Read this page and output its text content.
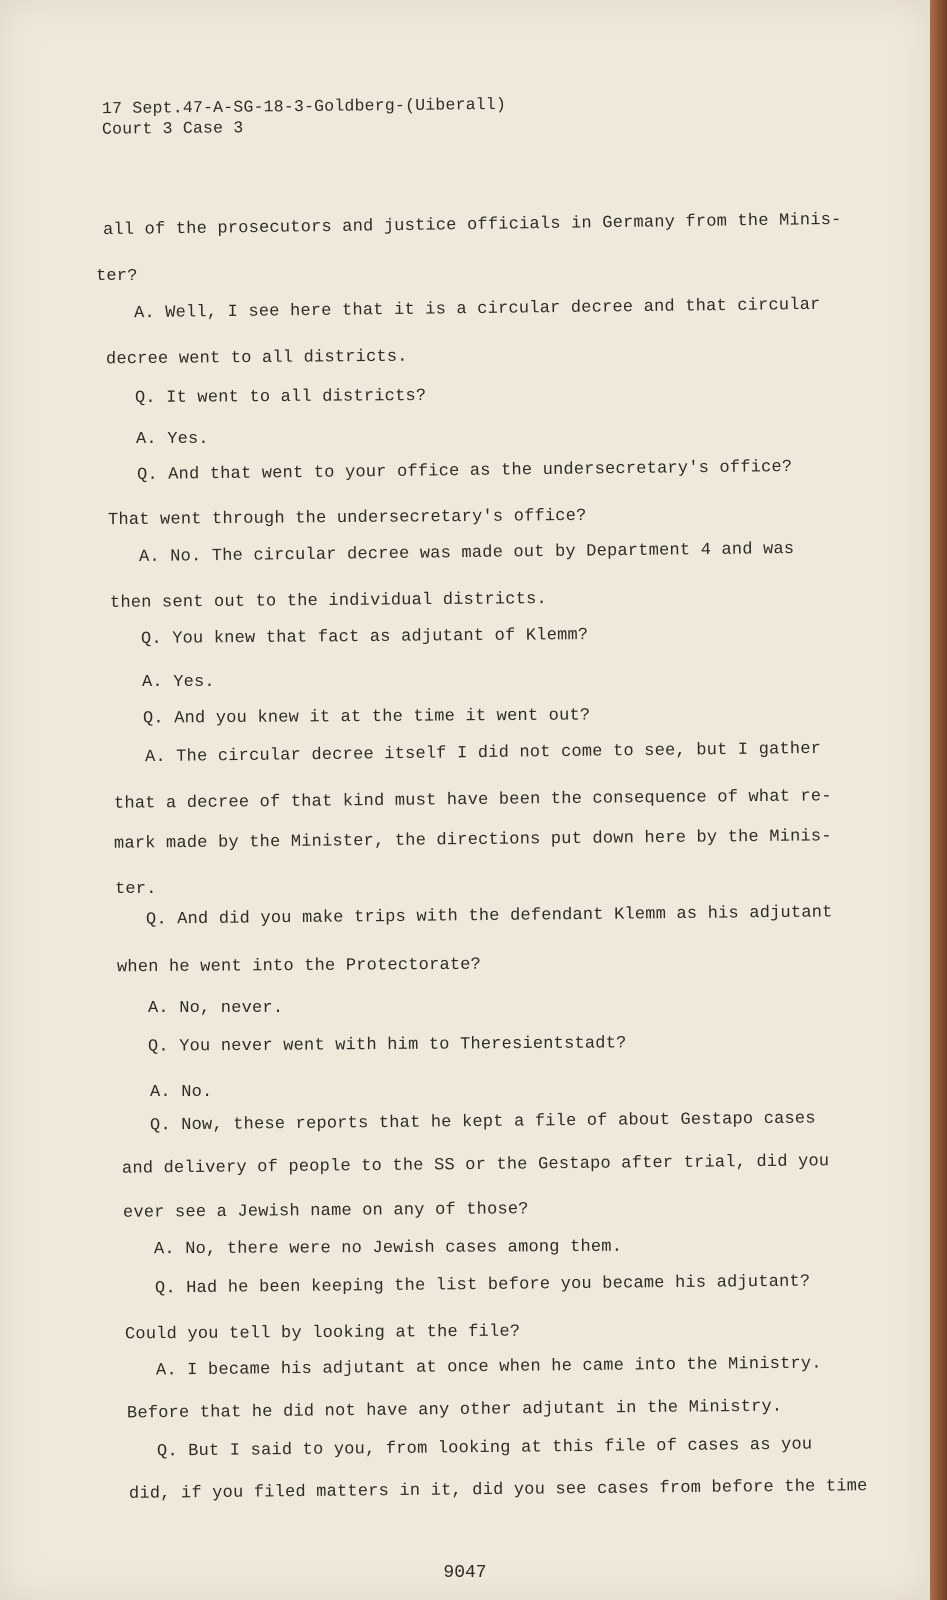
17 Sept.47-A-SG-18-3-Goldberg-(Uiberall)
Court 3 Case 3
all of the prosecutors and justice officials in Germany from the Minis-
ter?
A. Well, I see here that it is a circular decree and that circular
decree went to all districts.
Q. It went to all districts?
A. Yes.
Q. And that went to your office as the undersecretary's office?
That went through the undersecretary's office?
A. No. The circular decree was made out by Department 4 and was
then sent out to the individual districts.
Q. You knew that fact as adjutant of Klemm?
A. Yes.
Q. And you knew it at the time it went out?
A. The circular decree itself I did not come to see, but I gather
that a decree of that kind must have been the consequence of what re-
mark made by the Minister, the directions put down here by the Minis-
ter.
Q. And did you make trips with the defendant Klemm as his adjutant
when he went into the Protectorate?
A. No, never.
Q. You never went with him to Theresientstadt?
A. No.
Q. Now, these reports that he kept a file of about Gestapo cases
and delivery of people to the SS or the Gestapo after trial, did you
ever see a Jewish name on any of those?
A. No, there were no Jewish cases among them.
Q. Had he been keeping the list before you became his adjutant?
Could you tell by looking at the file?
A. I became his adjutant at once when he came into the Ministry.
Before that he did not have any other adjutant in the Ministry.
Q. But I said to you, from looking at this file of cases as you
did, if you filed matters in it, did you see cases from before the time
9047
